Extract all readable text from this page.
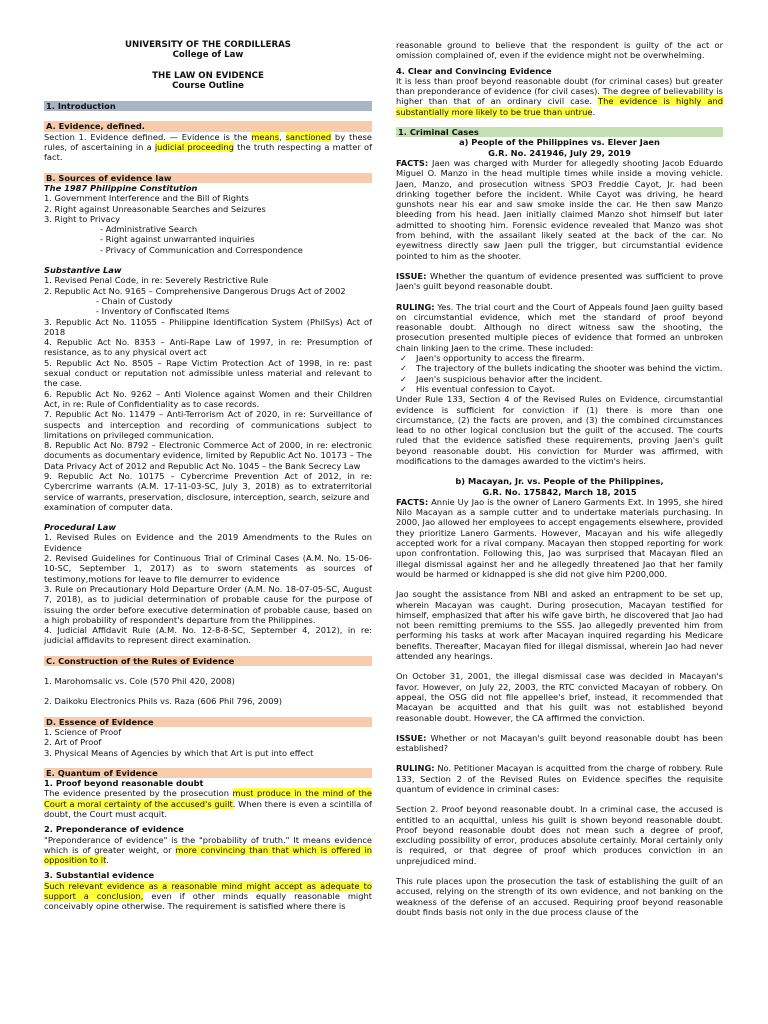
UNIVERSITY OF THE CORDILLERAS
College of Law
THE LAW ON EVIDENCE
Course Outline
1. Introduction
A. Evidence, defined.

Section 1. Evidence defined. — Evidence is the means, sanctioned by these rules, of ascertaining in a judicial proceeding the truth respecting a matter of fact.

B. Sources of evidence law
The 1987 Philippine Constitution
1. Government Interference and the Bill of Rights
2. Right against Unreasonable Searches and Seizures
3. Right to Privacy
- Administrative Search
- Right against unwarranted inquiries
- Privacy of Communication and Correspondence
Substantive Law
1. Revised Penal Code, in re: Severely Restrictive Rule
2. Republic Act No. 9165 – Comprehensive Dangerous Drugs Act of 2002
- Chain of Custody
- Inventory of Confiscated Items
3. Republic Act No. 11055 – Philippine Identification System (PhilSys) Act of 2018
4. Republic Act No. 8353 – Anti-Rape Law of 1997, in re: Presumption of resistance, as to any physical overt act
5. Republic Act No. 8505 – Rape Victim Protection Act of 1998, in re: past sexual conduct or reputation not admissible unless material and relevant to the case.
6. Republic Act No. 9262 – Anti Violence against Women and their Children Act, in re: Rule of Confidentiality as to case records.
7. Republic Act No. 11479 – Anti-Terrorism Act of 2020, in re: Surveillance of suspects and interception and recording of communications subject to limitations on privileged communication.
8. Republic Act No. 8792 – Electronic Commerce Act of 2000, in re: electronic documents as documentary evidence, limited by Republic Act No. 10173 – The Data Privacy Act of 2012 and Republic Act No. 1045 – the Bank Secrecy Law
9. Republic Act No. 10175 – Cybercrime Prevention Act of 2012, in re: Cybercrime warrants (A.M. 17-11-03-SC, July 3, 2018) as to extraterritorial service of warrants, preservation, disclosure, interception, search, seizure and
examination of computer data.
Procedural Law
1. Revised Rules on Evidence and the 2019 Amendments to the Rules on Evidence
2. Revised Guidelines for Continuous Trial of Criminal Cases (A.M. No. 15-06-10-SC, September 1, 2017) as to sworn statements as sources of testimony,motions for leave to file demurrer to evidence
3. Rule on Precautionary Hold Departure Order (A.M. No. 18-07-05-SC, August 7, 2018), as to judicial determination of probable cause for the purpose of issuing the order before executive determination of probable cause, based on a high probability of respondent's departure from the Philippines.
4. Judicial Affidavit Rule (A.M. No. 12-8-8-SC, September 4, 2012), in re: judicial affidavits to represent direct examination.
C. Construction of the Rules of Evidence
1. Marohomsalic vs. Cole (570 Phil 420, 2008)
2. Daikoku Electronics Phils vs. Raza (606 Phil 796, 2009)
D. Essence of Evidence
1. Science of Proof
2. Art of Proof
3. Physical Means of Agencies by which that Art is put into effect
E. Quantum of Evidence
1. Proof beyond reasonable doubt

The evidence presented by the prosecution must produce in the mind of the Court a moral certainty of the accused's guilt. When there is even a scintilla of doubt, the Court must acquit.

2. Preponderance of evidence

"Preponderance of evidence" is the "probability of truth." It means evidence which is of greater weight, or more convincing than that which is offered in opposition to it.

3. Substantial evidence

Such relevant evidence as a reasonable mind might accept as adequate to support a conclusion, even if other minds equally reasonable might conceivably opine otherwise. The requirement is satisfied where there is

reasonable ground to believe that the respondent is guilty of the act or omission complained of, even if the evidence might not be overwhelming.

4. Clear and Convincing Evidence

It is less than proof beyond reasonable doubt (for criminal cases) but greater than preponderance of evidence (for civil cases). The degree of believability is higher than that of an ordinary civil case. The evidence is highly and substantially more likely to be true than untrue.

1. Criminal Cases
a) People of the Philippines vs. Elever Jaen
G.R. No. 241946, July 29, 2019

FACTS: Jaen was charged with Murder for allegedly shooting Jacob Eduardo Miguel O. Manzo in the head multiple times while inside a moving vehicle. Jaen, Manzo, and prosecution witness SPO3 Freddie Cayot, Jr. had been drinking together before the incident. While Cayot was driving, he heard gunshots near his ear and saw smoke inside the car. He then saw Manzo bleeding from his head. Jaen initially claimed Manzo shot himself but later admitted to shooting him. Forensic evidence revealed that Manzo was shot from behind, with the assailant likely seated at the back of the car. No eyewitness directly saw Jaen pull the trigger, but circumstantial evidence pointed to him as the shooter.

ISSUE: Whether the quantum of evidence presented was sufficient to prove Jaen's guilt beyond reasonable doubt.

RULING: Yes. The trial court and the Court of Appeals found Jaen guilty based on circumstantial evidence, which met the standard of proof beyond reasonable doubt. Although no direct witness saw the shooting, the prosecution presented multiple pieces of evidence that formed an unbroken chain linking Jaen to the crime. These included:

✓ Jaen's opportunity to access the firearm.
✓ The trajectory of the bullets indicating the shooter was behind the victim.
✓ Jaen's suspicious behavior after the incident.
✓ His eventual confession to Cayot.

Under Rule 133, Section 4 of the Revised Rules on Evidence, circumstantial evidence is sufficient for conviction if (1) there is more than one circumstance, (2) the facts are proven, and (3) the combined circumstances lead to no other logical conclusion but the guilt of the accused. The courts ruled that the evidence satisfied these requirements, proving Jaen's guilt beyond reasonable doubt. His conviction for Murder was affirmed, with modifications to the damages awarded to the victim's heirs.

b) Macayan, Jr. vs. People of the Philippines,
G.R. No. 175842, March 18, 2015

FACTS: Annie Uy Jao is the owner of Lanero Garments Ext. In 1995, she hired Nilo Macayan as a sample cutter and to undertake materials purchasing. In 2000, Jao allowed her employees to accept engagements elsewhere, provided they prioritize Lanero Garments. However, Macayan and his wife allegedly accepted work for a rival company. Macayan then stopped reporting for work upon confrontation. Following this, Jao was surprised that Macayan filed an illegal dismissal against her and he allegedly threatened Jao that her family would be harmed or kidnapped is she did not give him P200,000.

Jao sought the assistance from NBI and asked an entrapment to be set up, wherein Macayan was caught. During prosecution, Macayan testified for himself, emphasized that after his wife gave birth, he discovered that Jao had not been remitting premiums to the SSS. Jao allegedly prevented him from performing his tasks at work after Macayan inquired regarding his Medicare benefits. Thereafter, Macayan filed for illegal dismissal, wherein Jao had never attended any hearings.

On October 31, 2001, the illegal dismissal case was decided in Macayan's favor. However, on July 22, 2003, the RTC convicted Macayan of robbery. On appeal, the OSG did not file appellee's brief, instead, it recommended that Macayan be acquitted and that his guilt was not established beyond reasonable doubt. However, the CA affirmed the conviction.

ISSUE: Whether or not Macayan's guilt beyond reasonable doubt has been established?

RULING: No. Petitioner Macayan is acquitted from the charge of robbery. Rule 133, Section 2 of the Revised Rules on Evidence specifies the requisite quantum of evidence in criminal cases:

Section 2. Proof beyond reasonable doubt. In a criminal case, the accused is entitled to an acquittal, unless his guilt is shown beyond reasonable doubt. Proof beyond reasonable doubt does not mean such a degree of proof, excluding possibility of error, produces absolute certainly. Moral certainly only is required, or that degree of proof which produces conviction in an unprejudiced mind.

This rule places upon the prosecution the task of establishing the guilt of an accused, relying on the strength of its own evidence, and not banking on the weakness of the defense of an accused. Requiring proof beyond reasonable doubt finds basis not only in the due process clause of the
